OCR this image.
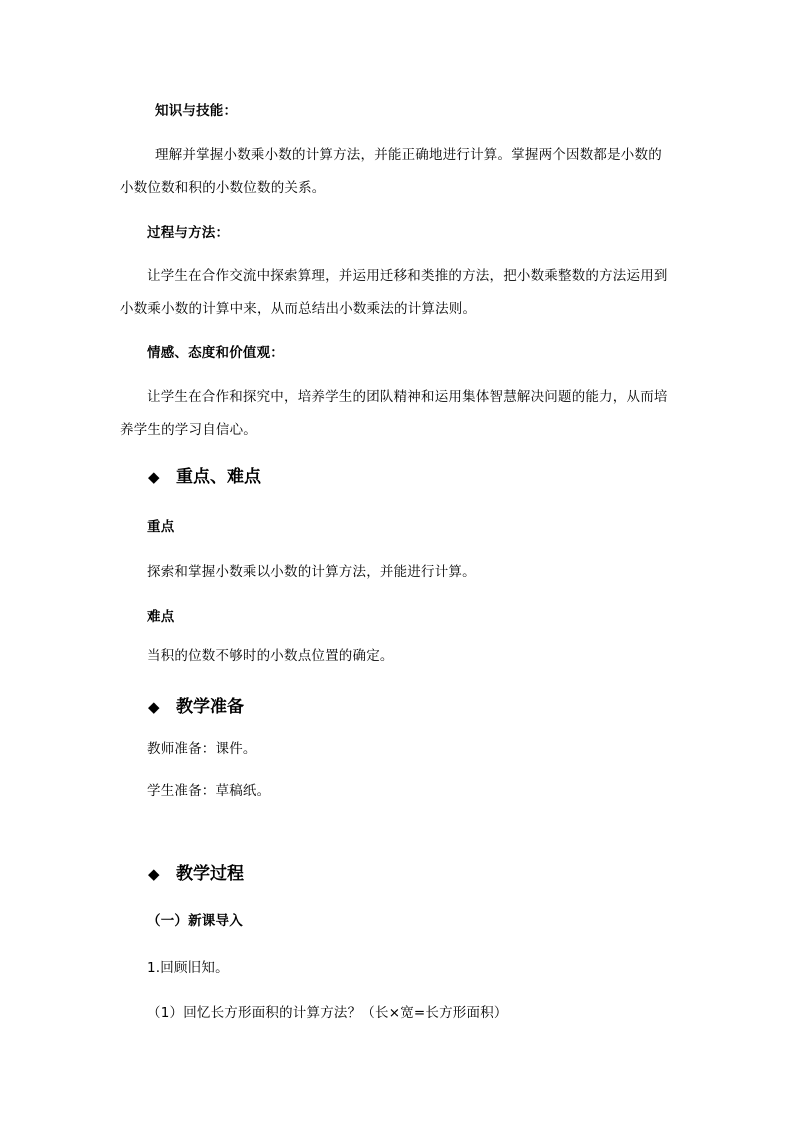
知识与技能：
理解并掌握小数乘小数的计算方法，并能正确地进行计算。掌握两个因数都是小数的
小数位数和积的小数位数的关系。
过程与方法：
让学生在合作交流中探索算理，并运用迁移和类推的方法，把小数乘整数的方法运用到
小数乘小数的计算中来，从而总结出小数乘法的计算法则。
情感、态度和价值观：
让学生在合作和探究中，培养学生的团队精神和运用集体智慧解决问题的能力，从而培
养学生的学习自信心。
◆ 重点、难点
重点
探索和掌握小数乘以小数的计算方法，并能进行计算。
难点
当积的位数不够时的小数点位置的确定。
◆ 教学准备
教师准备：课件。
学生准备：草稿纸。
◆ 教学过程
（一）新课导入
1.回顾旧知。
（1）回忆长方形面积的计算方法？（长×宽=长方形面积）
